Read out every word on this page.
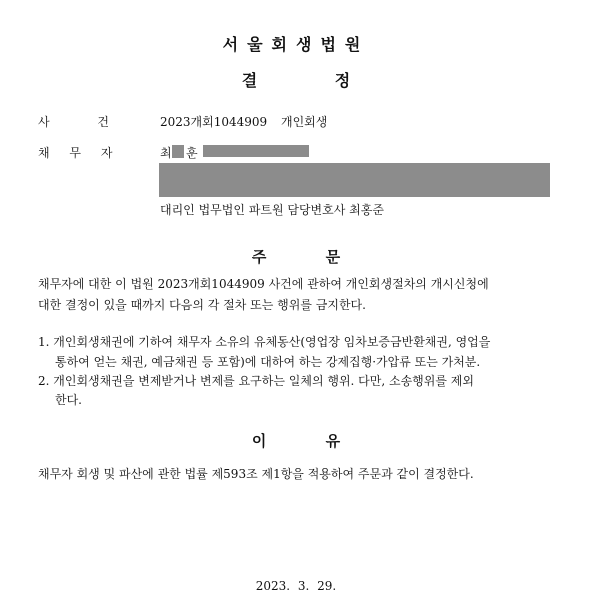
서울회생법원
결 정
사 건	2023개회1044909 개인회생
채 무 자	최 훈
대리인 법무법인 파트원 담당변호사 최홍준
주 문
채무자에 대한 이 법원 2023개회1044909 사건에 관하여 개인회생절차의 개시신청에
대한 결정이 있을 때까지 다음의 각 절차 또는 행위를 금지한다.
1. 개인회생채권에 기하여 채무자 소유의 유체동산(영업장 임차보증금반환채권, 영업을
통하여 얻는 채권, 예금채권 등 포함)에 대하여 하는 강제집행·가압류 또는 가처분.
2. 개인회생채권을 변제받거나 변제를 요구하는 일체의 행위. 다만, 소송행위를 제외
한다.
이 유
채무자 회생 및 파산에 관한 법률 제593조 제1항을 적용하여 주문과 같이 결정한다.
2023. 3. 29.
